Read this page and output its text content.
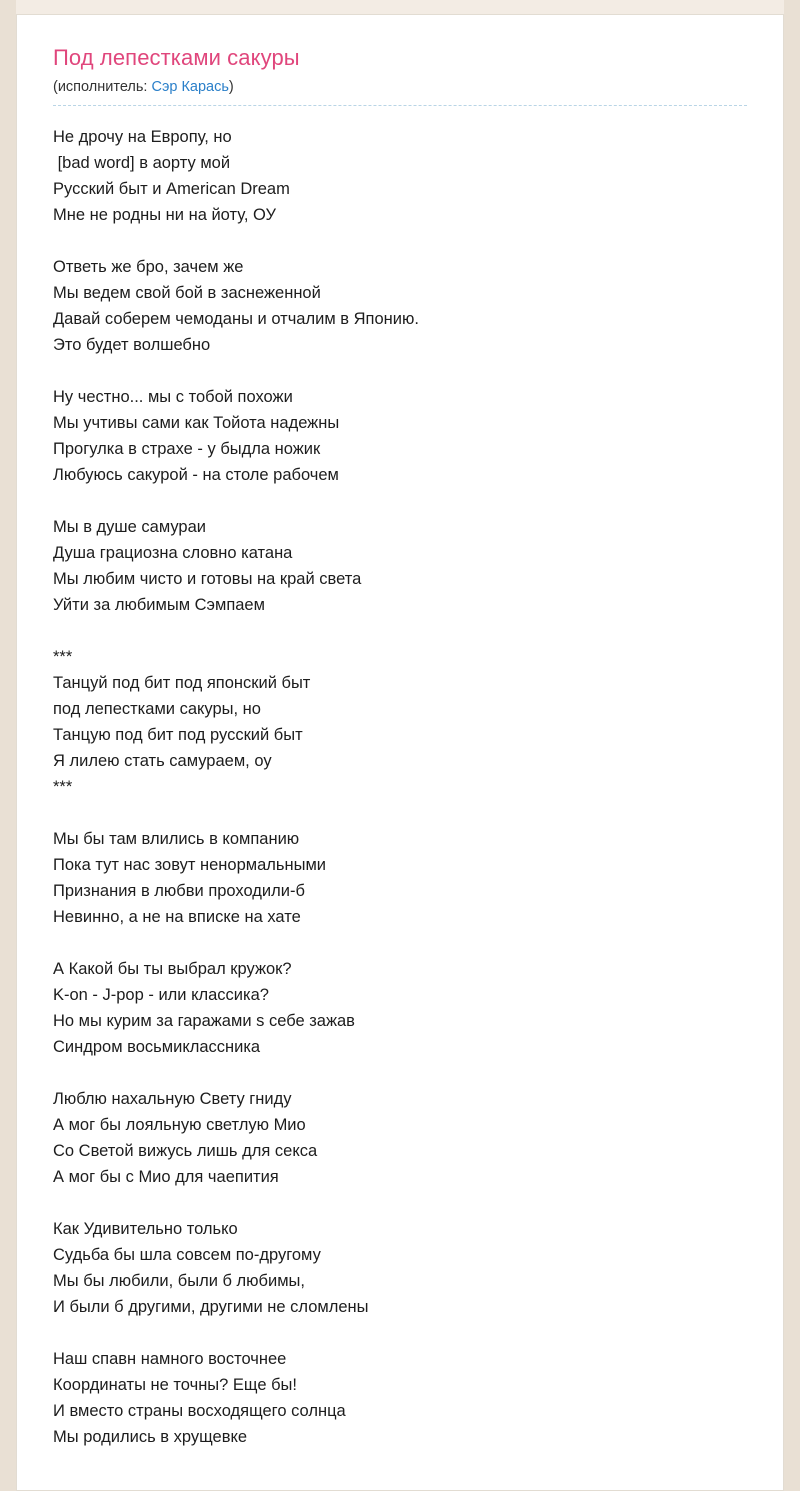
Под лепестками сакуры
(исполнитель: Сэр Карась)
Не дрочу на Европу, но
[bad word] в аорту мой
Русский быт и American Dream
Мне не родны ни на йоту, ОУ
Ответь же бро, зачем же
Мы ведем свой бой в заснеженной
Давай соберем чемоданы и отчалим в Японию.
Это будет волшебно
Ну честно... мы с тобой похожи
Мы учтивы сами как Тойота надежны
Прогулка в страхе - у быдла ножик
Любуюсь сакурой - на столе рабочем
Мы в душе самураи
Душа грациозна словно катана
Мы любим чисто и готовы на край света
Уйти за любимым Сэмпаем
***
Танцуй под бит под японский быт
под лепестками сакуры, но
Танцую под бит под русский быт
Я лилею стать самураем, оу
***
Мы бы там влились в компанию
Пока тут нас зовут ненормальными
Признания в любви проходили-б
Невинно, а не на вписке на хате
А Какой бы ты выбрал кружок?
K-on - J-pop - или классика?
Но мы курим за гаражами s себе зажав
Синдром восьмиклассника
Люблю нахальную Свету гниду
А мог бы лояльную светлую Мио
Со Светой вижусь лишь для секса
А мог бы с Мио для чаепития
Как Удивительно только
Судьба бы шла совсем по-другому
Мы бы любили, были б любимы,
И были б другими, другими не сломлены
Наш спавн намного восточнее
Координаты не точны? Еще бы!
И вместо страны восходящего солнца
Мы родились в хрущевке
